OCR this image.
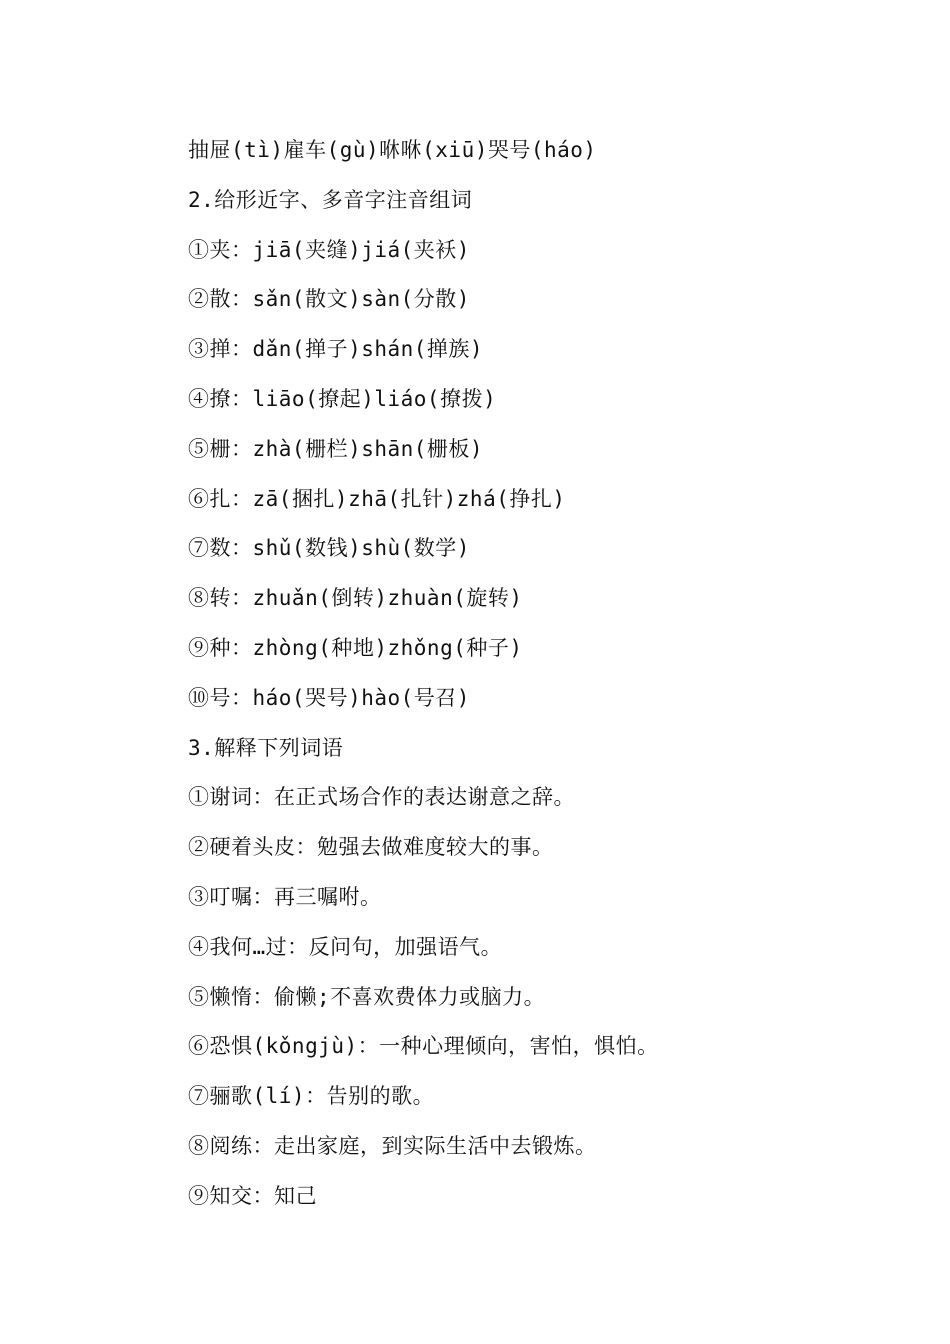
抽屉(tì)雇车(gù)咻咻(xiū)哭号(háo)
2.给形近字、多音字注音组词
①夹：jiā(夹缝)jiá(夹袄)
②散：sǎn(散文)sàn(分散)
③掸：dǎn(掸子)shán(掸族)
④撩：liāo(撩起)liáo(撩拨)
⑤栅：zhà(栅栏)shān(栅板)
⑥扎：zā(捆扎)zhā(扎针)zhá(挣扎)
⑦数：shǔ(数钱)shù(数学)
⑧转：zhuǎn(倒转)zhuàn(旋转)
⑨种：zhòng(种地)zhǒng(种子)
⑩号：háo(哭号)hào(号召)
3.解释下列词语
①谢词：在正式场合作的表达谢意之辞。
②硬着头皮：勉强去做难度较大的事。
③叮嘱：再三嘱咐。
④我何…过：反问句，加强语气。
⑤懒惰：偷懒;不喜欢费体力或脑力。
⑥恐惧(kǒngjù)：一种心理倾向，害怕，惧怕。
⑦骊歌(lí)：告别的歌。
⑧阅练：走出家庭，到实际生活中去锻炼。
⑨知交：知己
